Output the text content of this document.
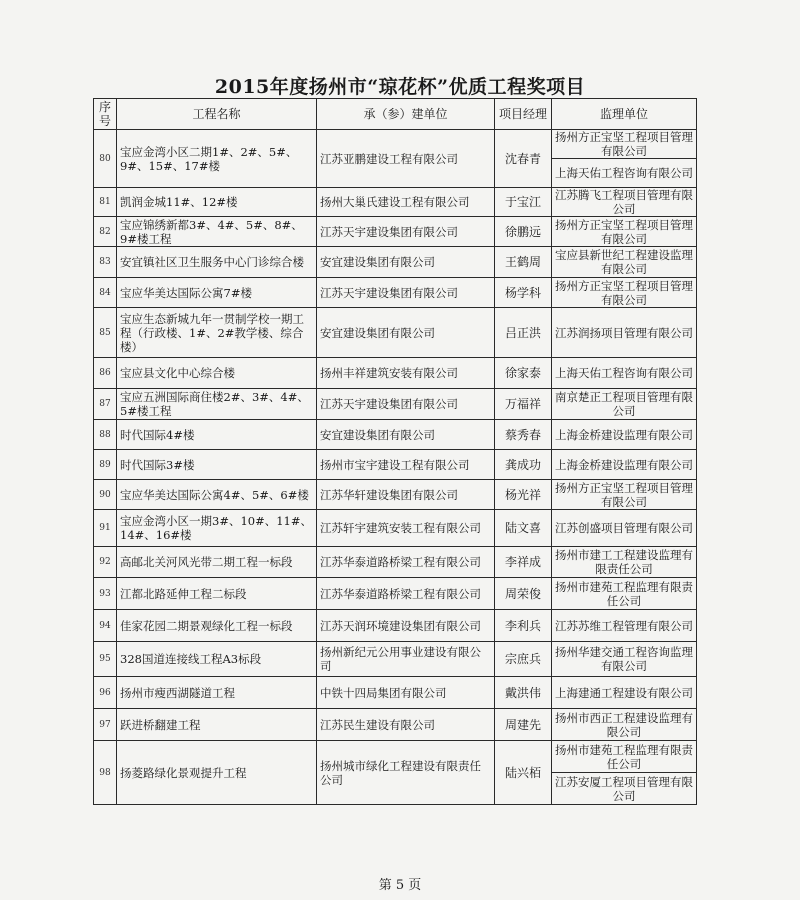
2015年度扬州市“琼花杯”优质工程奖项目
序号	工程名称	承（参）建单位	项目经理	监理单位
80	宝应金湾小区二期1#、2#、5#、9#、15#、17#楼	江苏亚鹏建设工程有限公司	沈春青	扬州方正宝坚工程项目管理有限公司
				上海天佑工程咨询有限公司
81	凯润金城11#、12#楼	扬州大巢氏建设工程有限公司	于宝江	江苏腾飞工程项目管理有限公司
82	宝应锦绣新都3#、4#、5#、8#、9#楼工程	江苏天宇建设集团有限公司	徐鹏远	扬州方正宝坚工程项目管理有限公司
83	安宜镇社区卫生服务中心门诊综合楼	安宜建设集团有限公司	王鹤周	宝应县新世纪工程建设监理有限公司
84	宝应华美达国际公寓7#楼	江苏天宇建设集团有限公司	杨学科	扬州方正宝坚工程项目管理有限公司
85	宝应生态新城九年一贯制学校一期工程（行政楼、1#、2#教学楼、综合楼）	安宜建设集团有限公司	吕正洪	江苏润扬项目管理有限公司
86	宝应县文化中心综合楼	扬州丰祥建筑安装有限公司	徐家泰	上海天佑工程咨询有限公司
87	宝应五洲国际商住楼2#、3#、4#、5#楼工程	江苏天宇建设集团有限公司	万福祥	南京楚正工程项目管理有限公司
88	时代国际4#楼	安宜建设集团有限公司	蔡秀春	上海金桥建设监理有限公司
89	时代国际3#楼	扬州市宝宇建设工程有限公司	龚成功	上海金桥建设监理有限公司
90	宝应华美达国际公寓4#、5#、6#楼	江苏华轩建设集团有限公司	杨光祥	扬州方正宝坚工程项目管理有限公司
91	宝应金湾小区一期3#、10#、11#、14#、16#楼	江苏轩宇建筑安装工程有限公司	陆文喜	江苏创盛项目管理有限公司
92	高邮北关河风光带二期工程一标段	江苏华泰道路桥梁工程有限公司	李祥成	扬州市建工工程建设监理有限责任公司
93	江都北路延伸工程二标段	江苏华泰道路桥梁工程有限公司	周荣俊	扬州市建苑工程监理有限责任公司
94	佳家花园二期景观绿化工程一标段	江苏天润环境建设集团有限公司	李利兵	江苏苏维工程管理有限公司
95	328国道连接线工程A3标段	扬州新纪元公用事业建设有限公司	宗庶兵	扬州华建交通工程咨询监理有限公司
96	扬州市瘦西湖隧道工程	中铁十四局集团有限公司	戴洪伟	上海建通工程建设有限公司
97	跃进桥翻建工程	江苏民生建设有限公司	周建先	扬州市西正工程建设监理有限公司
98	扬菱路绿化景观提升工程	扬州城市绿化工程建设有限责任公司	陆兴栢	扬州市建苑工程监理有限责任公司
				江苏安厦工程项目管理有限公司
第 5 页
